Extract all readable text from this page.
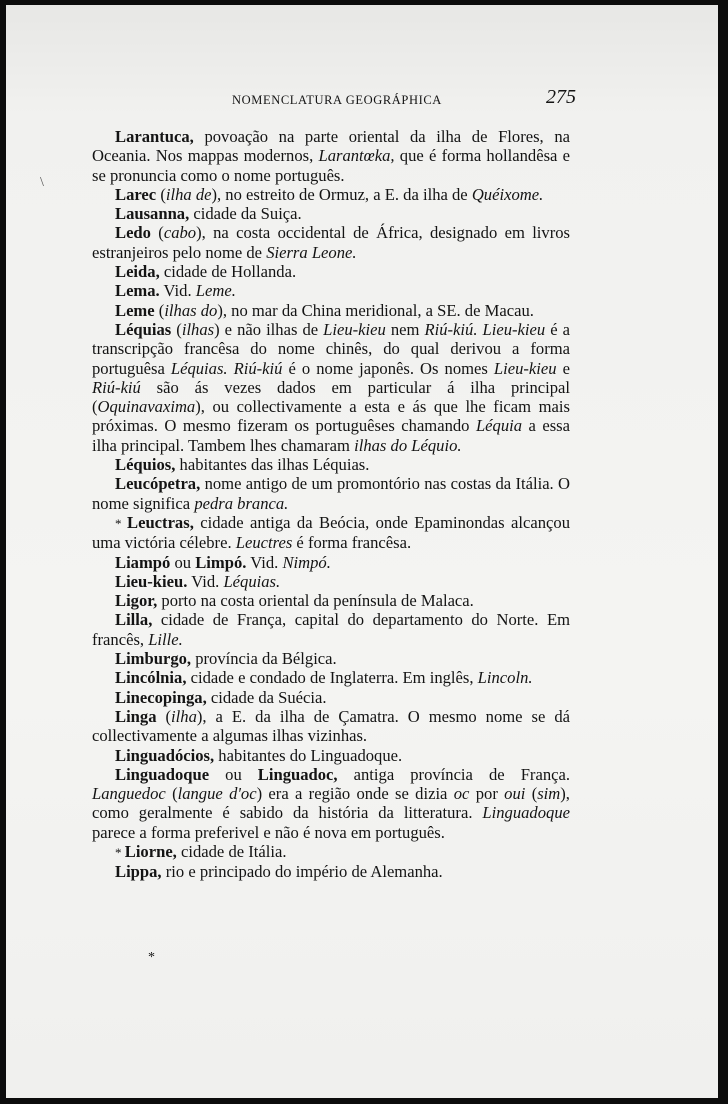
NOMENCLATURA GEOGRÁPHICA	275
\

Larantuca, povoação na parte oriental da ilha de Flores, na Oceania. Nos mappas modernos, Larantœka, que é forma hollandêsa e se pronuncia como o nome português.

Larec (ilha de), no estreito de Ormuz, a E. da ilha de Quéixome.

Lausanna, cidade da Suiça.

Ledo (cabo), na costa occidental de África, designado em livros estranjeiros pelo nome de Sierra Leone.

Leida, cidade de Hollanda.

Lema. Vid. Leme.

Leme (ilhas do), no mar da China meridional, a SE. de Macau.

Léquias (ilhas) e não ilhas de Lieu-kieu nem Riú-kiú. Lieu-kieu é a transcripção francêsa do nome chinês, do qual derivou a forma portuguêsa Léquias. Riú-kiú é o nome japonês. Os nomes Lieu-kieu e Riú-kiú são ás vezes dados em particular á ilha principal (Oquinavaxima), ou collectivamente a esta e ás que lhe ficam mais próximas. O mesmo fizeram os portuguêses chamando Léquia a essa ilha principal. Tambem lhes chamaram ilhas do Léquio.

Léquios, habitantes das ilhas Léquias.

Leucópetra, nome antigo de um promontório nas costas da Itália. O nome significa pedra branca.

* Leuctras, cidade antiga da Beócia, onde Epaminondas alcançou uma victória célebre. Leuctres é forma francêsa.

Liampó ou Limpó. Vid. Nimpó.

Lieu-kieu. Vid. Léquias.

Ligor, porto na costa oriental da península de Malaca.

Lilla, cidade de França, capital do departamento do Norte. Em francês, Lille.

Limburgo, província da Bélgica.

Lincólnia, cidade e condado de Inglaterra. Em inglês, Lincoln.

Linecopinga, cidade da Suécia.

Linga (ilha), a E. da ilha de Çamatra. O mesmo nome se dá collectivamente a algumas ilhas vizinhas.

Linguadócios, habitantes do Linguadoque.

Linguadoque ou Linguadoc, antiga província de França. Languedoc (langue d'oc) era a região onde se dizia oc por oui (sim), como geralmente é sabido da história da litteratura. Linguadoque parece a forma preferivel e não é nova em português.

* Liorne, cidade de Itália.

Lippa, rio e principado do império de Alemanha.

*
